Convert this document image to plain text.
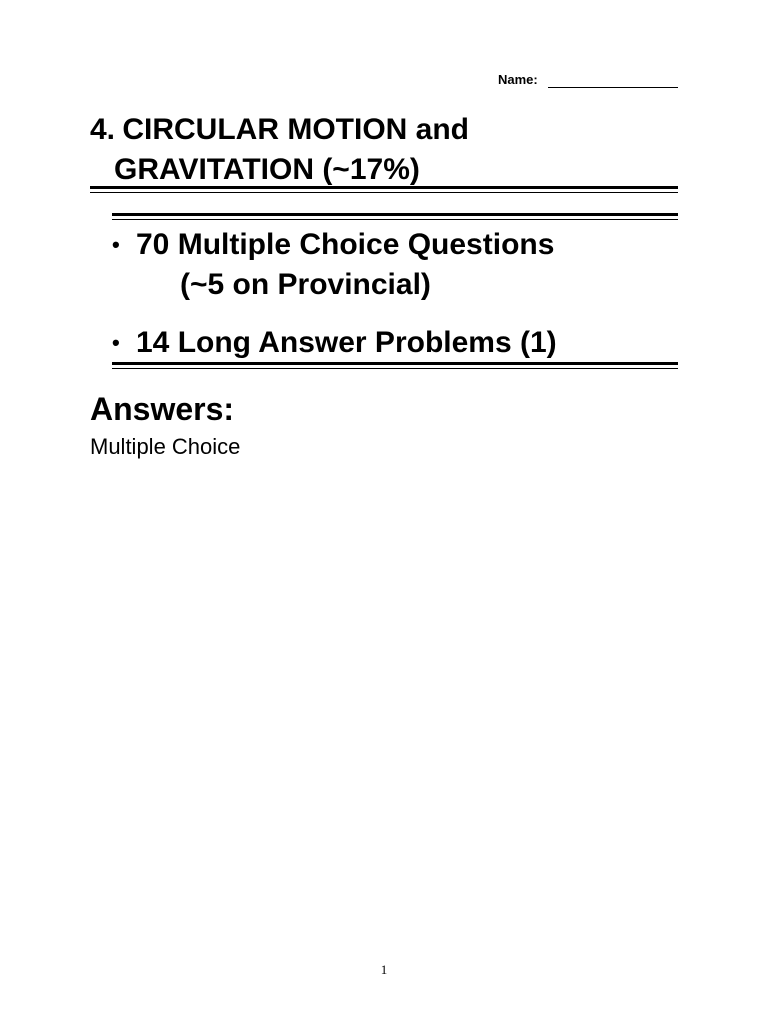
Name:
4. CIRCULAR MOTION and
GRAVITATION (~17%)
• 70 Multiple Choice Questions
(~5 on Provincial)
• 14 Long Answer Problems (1)
Answers:
Multiple Choice
1
